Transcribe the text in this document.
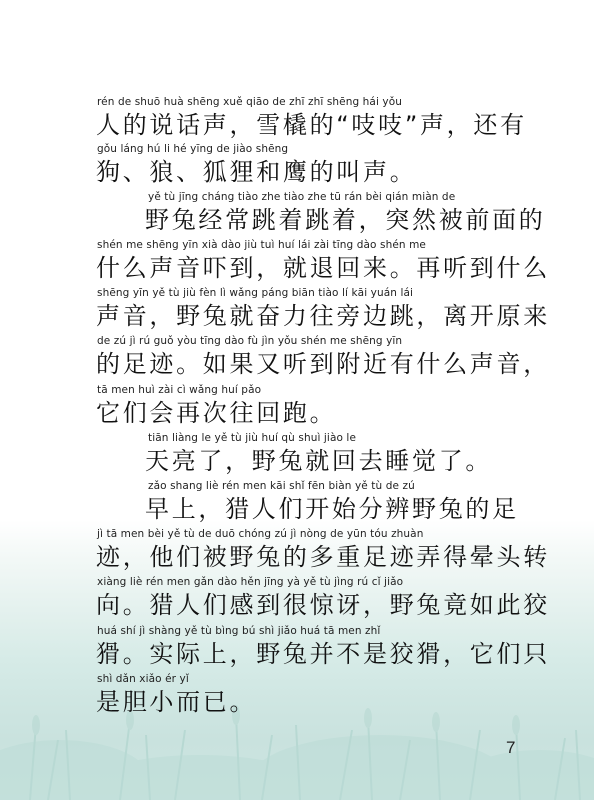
rén de shuō huà shēng xuě qiāo de zhī zhī shēng hái yǒu
人的说话声，雪橇的“吱吱”声，还有
gǒu láng hú li hé yīng de jiào shēng
狗、狼、狐狸和鹰的叫声。
yě tù jīng cháng tiào zhe tiào zhe tū rán bèi qián miàn de
野兔经常跳着跳着，突然被前面的
shén me shēng yīn xià dào jiù tuì huí lái zài tīng dào shén me
什么声音吓到，就退回来。再听到什么
shēng yīn yě tù jiù fèn lì wǎng páng biān tiào lí kāi yuán lái
声音，野兔就奋力往旁边跳，离开原来
de zú jì rú guǒ yòu tīng dào fù jìn yǒu shén me shēng yīn
的足迹。如果又听到附近有什么声音，
tā men huì zài cì wǎng huí pǎo
它们会再次往回跑。
tiān liàng le yě tù jiù huí qù shuì jiào le
天亮了，野兔就回去睡觉了。
zǎo shang liè rén men kāi shǐ fēn biàn yě tù de zú
早上，猎人们开始分辨野兔的足
jì tā men bèi yě tù de duō chóng zú jì nòng de yūn tóu zhuàn
迹，他们被野兔的多重足迹弄得晕头转
xiàng liè rén men gǎn dào hěn jīng yà yě tù jìng rú cǐ jiǎo
向。猎人们感到很惊讶，野兔竟如此狡
huá shí jì shàng yě tù bìng bú shì jiǎo huá tā men zhǐ
猾。实际上，野兔并不是狡猾，它们只
shì dǎn xiǎo ér yǐ
是胆小而已。
7
